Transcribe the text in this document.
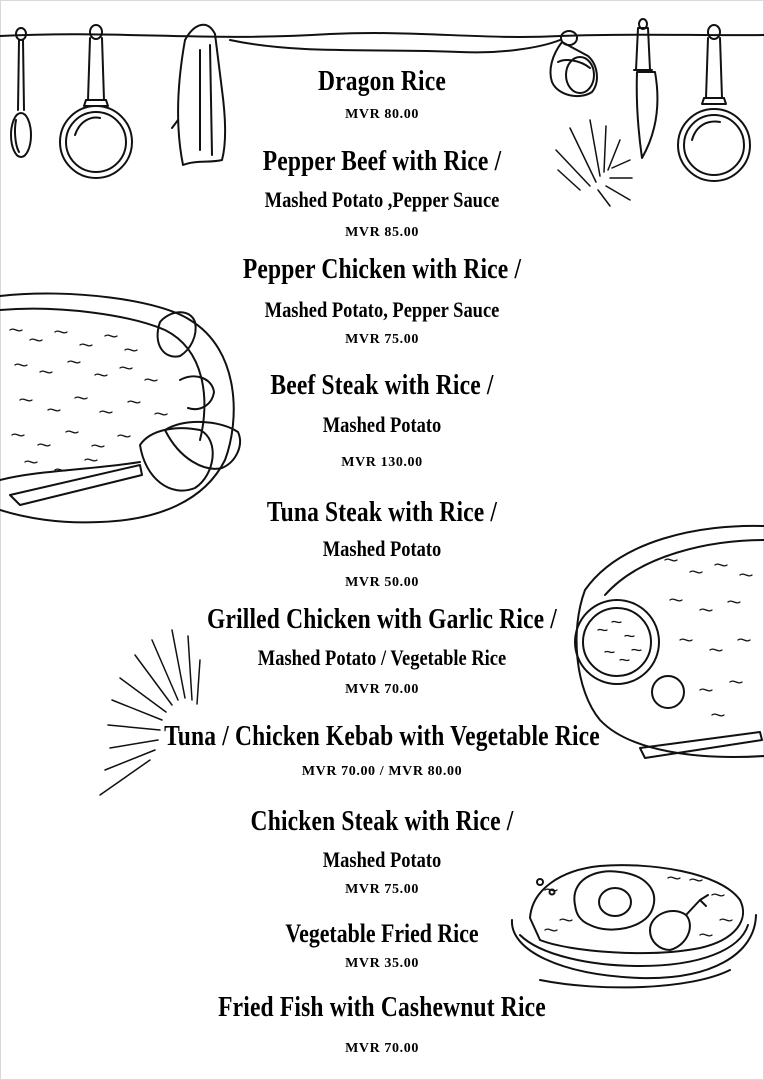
Dragon Rice
MVR 80.00
Pepper Beef with Rice /
Mashed Potato ,Pepper Sauce
MVR 85.00
Pepper Chicken with Rice /
Mashed Potato, Pepper Sauce
MVR 75.00
Beef Steak with Rice /
Mashed Potato
MVR 130.00
Tuna Steak with Rice /
Mashed Potato
MVR 50.00
Grilled Chicken with Garlic Rice /
Mashed Potato / Vegetable Rice
MVR 70.00
Tuna / Chicken Kebab with Vegetable Rice
MVR 70.00 / MVR 80.00
Chicken Steak with Rice /
Mashed Potato
MVR 75.00
Vegetable Fried Rice
MVR 35.00
Fried Fish with Cashewnut Rice
MVR 70.00
